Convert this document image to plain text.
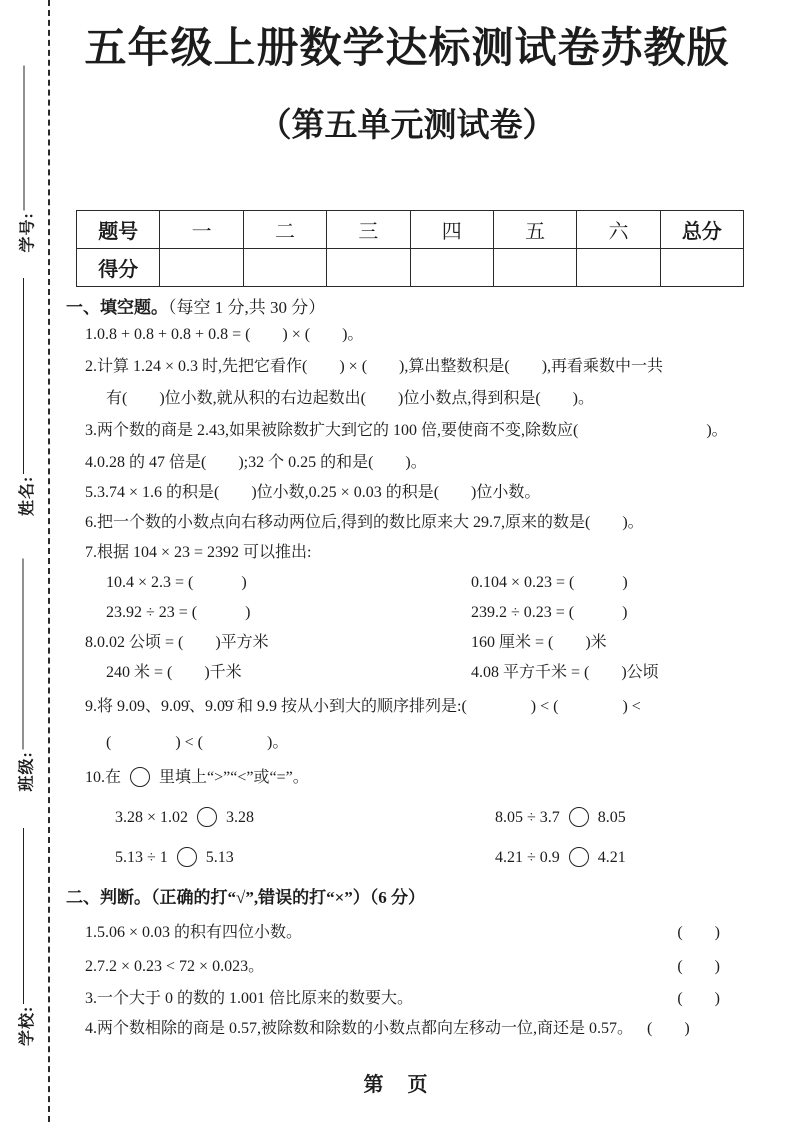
学号:
姓名:
班级:
学校:
五年级上册数学达标测试卷苏教版
（第五单元测试卷）
题号	一	二	三	四	五	六	总分
得分							
一、填空题。（每空 1 分,共 30 分）
1.0.8 + 0.8 + 0.8 + 0.8 = (　　) × (　　)。
2.计算 1.24 × 0.3 时,先把它看作(　　) × (　　),算出整数积是(　　),再看乘数中一共
有(　　)位小数,就从积的右边起数出(　　)位小数点,得到积是(　　)。
3.两个数的商是 2.43,如果被除数扩大到它的 100 倍,要使商不变,除数应(　　　　　　　　)。
4.0.28 的 47 倍是(　　);32 个 0.25 的和是(　　)。
5.3.74 × 1.6 的积是(　　)位小数,0.25 × 0.03 的积是(　　)位小数。
6.把一个数的小数点向右移动两位后,得到的数比原来大 29.7,原来的数是(　　)。
7.根据 104 × 23 = 2392 可以推出:
10.4 × 2.3 = (　　　)	0.104 × 0.23 = (　　　)
23.92 ÷ 23 = (　　　)	239.2 ÷ 0.23 = (　　　)
8.0.02 公顷 = (　　)平方米	160 厘米 = (　　)米
240 米 = (　　)千米	4.08 平方千米 = (　　)公顷
9.将 9.09、9.09̇、9.0̇9̇ 和 9.9 按从小到大的顺序排列是:(　　　　) < (　　　　) <
(　　　　) < (　　　　)。
10.在 里填上“>”“<”或“=”。
3.28 × 1.02 3.28	8.05 ÷ 3.7 8.05
5.13 ÷ 1 5.13	4.21 ÷ 0.9 4.21
二、判断。（正确的打“√”,错误的打“×”）（6 分）
1.5.06 × 0.03 的积有四位小数。	(　　)
2.7.2 × 0.23 < 72 × 0.023。	(　　)
3.一个大于 0 的数的 1.001 倍比原来的数要大。	(　　)
4.两个数相除的商是 0.57,被除数和除数的小数点都向左移动一位,商还是 0.57。 (　　)
第　页
